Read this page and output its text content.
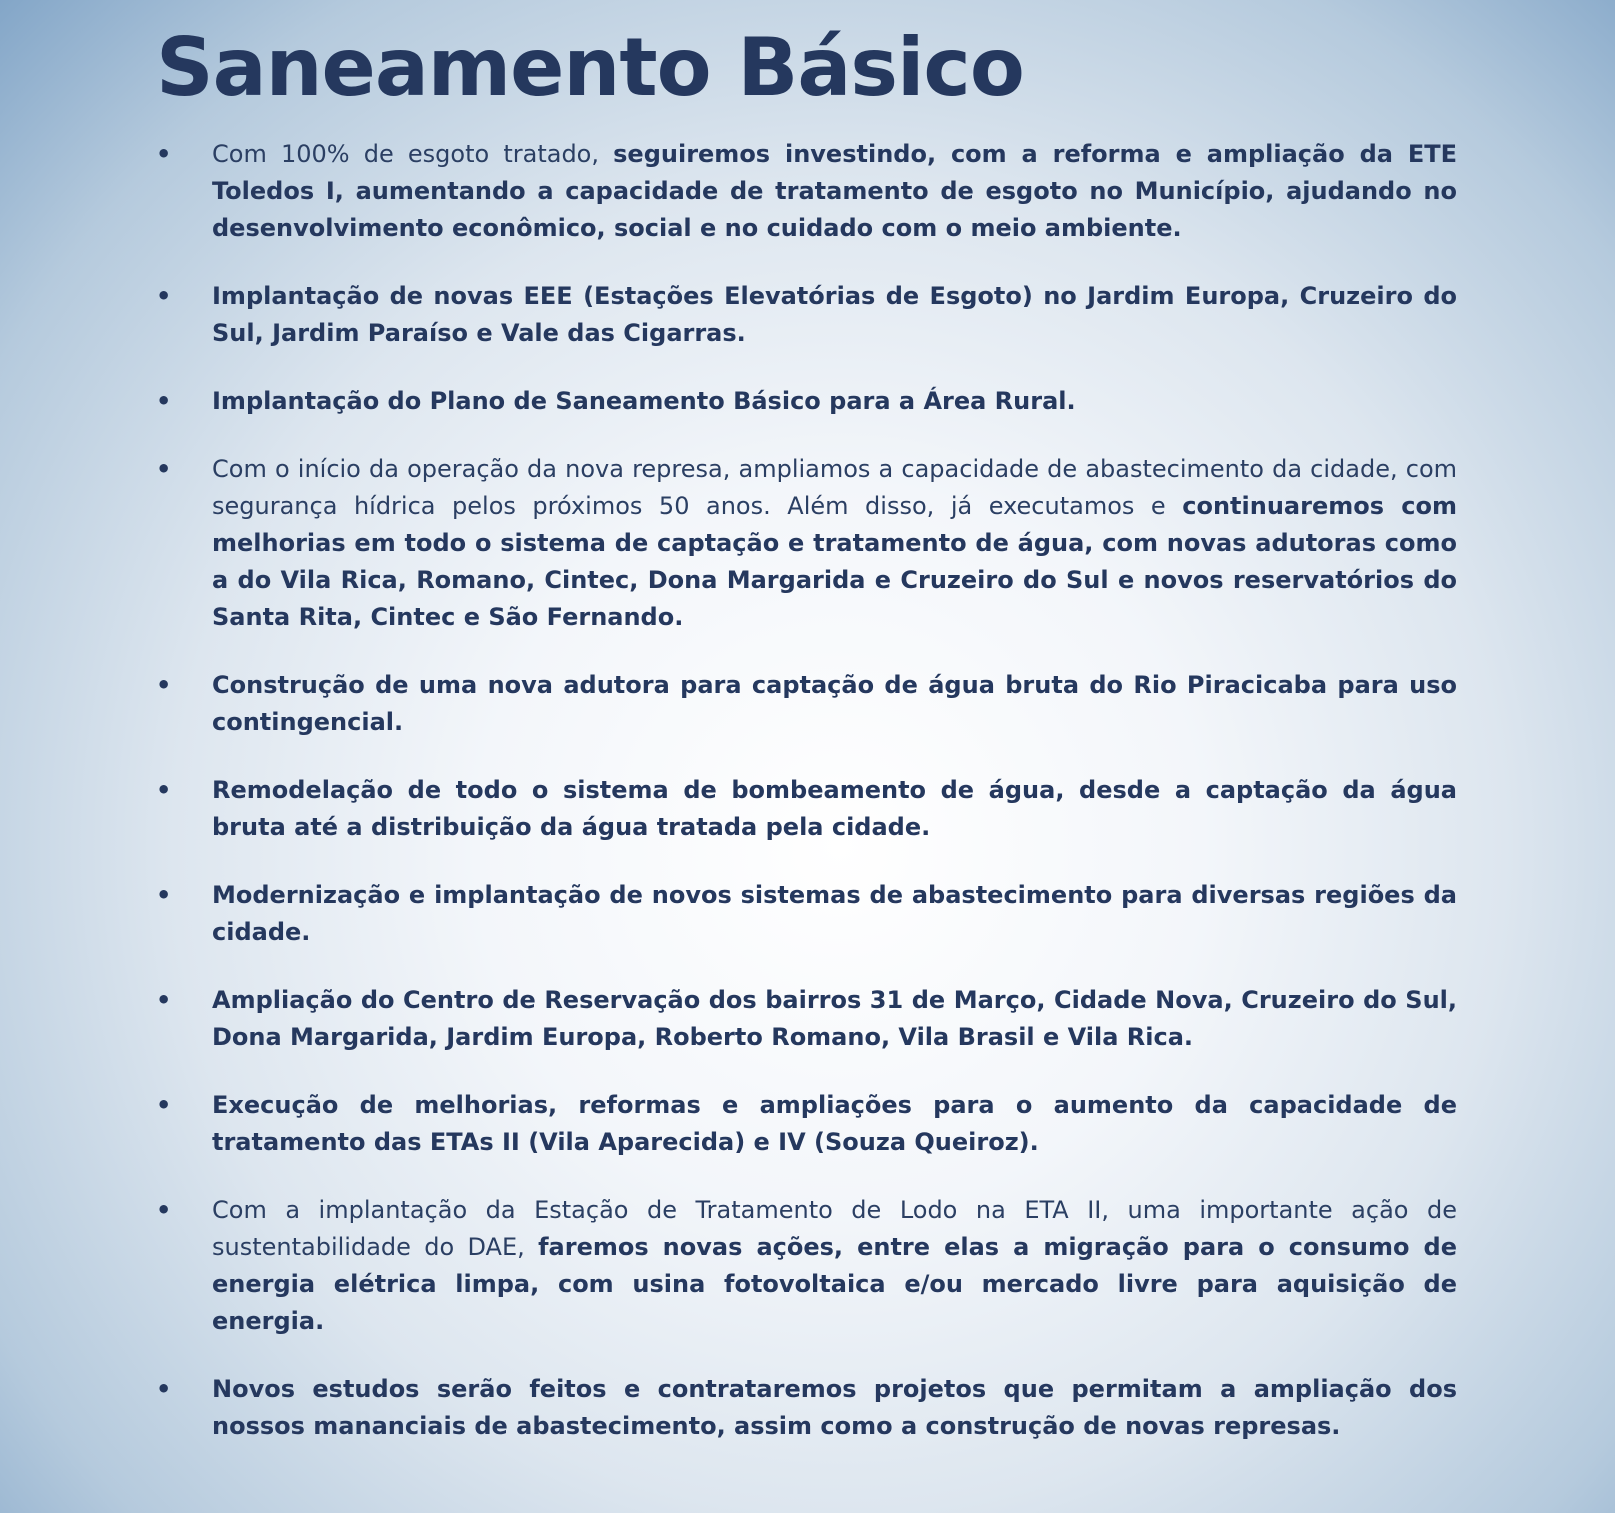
Saneamento Básico
• Com 100% de esgoto tratado, seguiremos investindo, com a reforma e ampliação da ETE Toledos I, aumentando a capacidade de tratamento de esgoto no Município, ajudando no desenvolvimento econômico, social e no cuidado com o meio ambiente.
• Implantação de novas EEE (Estações Elevatórias de Esgoto) no Jardim Europa, Cruzeiro do Sul, Jardim Paraíso e Vale das Cigarras.
• Implantação do Plano de Saneamento Básico para a Área Rural.
• Com o início da operação da nova represa, ampliamos a capacidade de abastecimento da cidade, com segurança hídrica pelos próximos 50 anos. Além disso, já executamos e continuaremos com melhorias em todo o sistema de captação e tratamento de água, com novas adutoras como a do Vila Rica, Romano, Cintec, Dona Margarida e Cruzeiro do Sul e novos reservatórios do Santa Rita, Cintec e São Fernando.
• Construção de uma nova adutora para captação de água bruta do Rio Piracicaba para uso contingencial.
• Remodelação de todo o sistema de bombeamento de água, desde a captação da água bruta até a distribuição da água tratada pela cidade.
• Modernização e implantação de novos sistemas de abastecimento para diversas regiões da cidade.
• Ampliação do Centro de Reservação dos bairros 31 de Março, Cidade Nova, Cruzeiro do Sul, Dona Margarida, Jardim Europa, Roberto Romano, Vila Brasil e Vila Rica.
• Execução de melhorias, reformas e ampliações para o aumento da capacidade de tratamento das ETAs II (Vila Aparecida) e IV (Souza Queiroz).
• Com a implantação da Estação de Tratamento de Lodo na ETA II, uma importante ação de sustentabilidade do DAE, faremos novas ações, entre elas a migração para o consumo de energia elétrica limpa, com usina fotovoltaica e/ou mercado livre para aquisição de energia.
• Novos estudos serão feitos e contrataremos projetos que permitam a ampliação dos nossos mananciais de abastecimento, assim como a construção de novas represas.
